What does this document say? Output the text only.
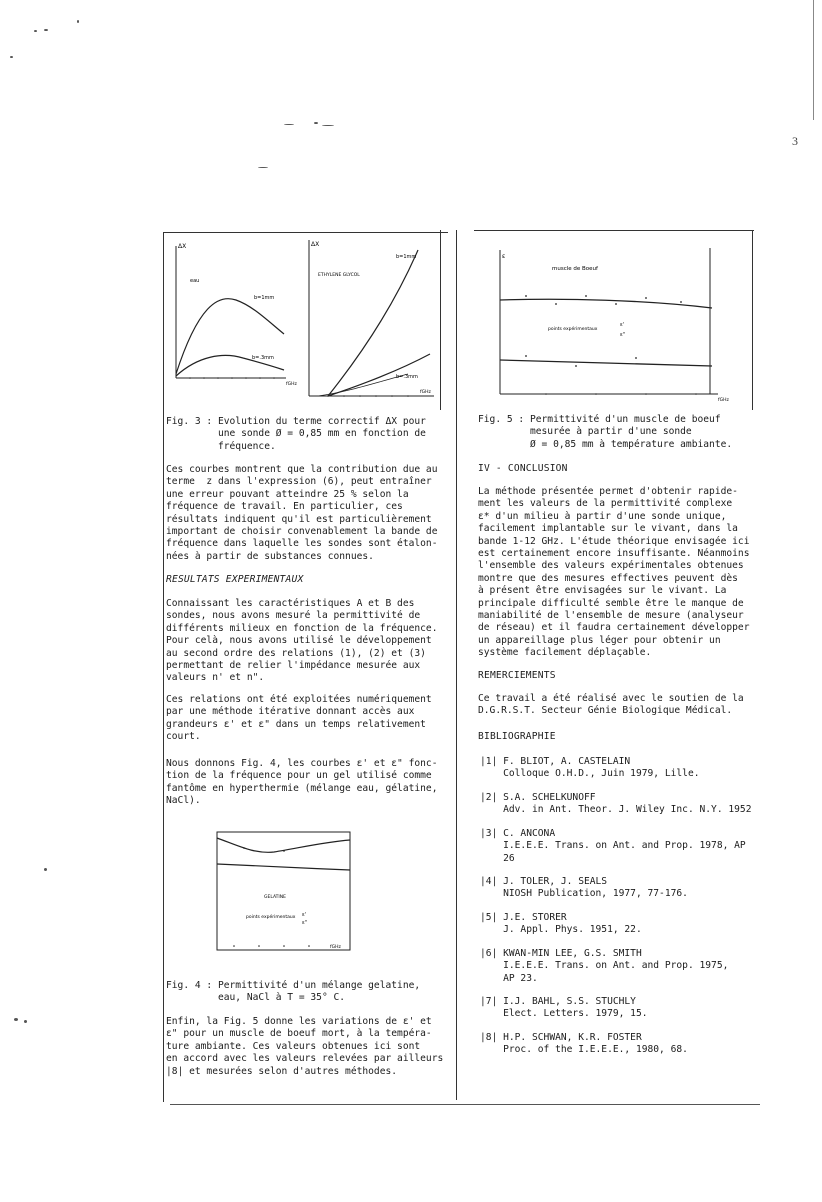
3
ΔX
eau
b=1mm
b=.3mm
fGHz
ΔX
ETHYLENE GLYCOL
b=1mm
b=.3mm
fGHz

Fig. 3 : Evolution du terme correctif ΔX pour

une sonde Ø = 0,85 mm en fonction de

fréquence.

Ces courbes montrent que la contribution due au

terme  z dans l'expression (6), peut entraîner

une erreur pouvant atteindre 25 % selon la

fréquence de travail. En particulier, ces

résultats indiquent qu'il est particulièrement

important de choisir convenablement la bande de

fréquence dans laquelle les sondes sont étalon-

nées à partir de substances connues.

RESULTATS EXPERIMENTAUX

Connaissant les caractéristiques A et B des

sondes, nous avons mesuré la permittivité de

différents milieux en fonction de la fréquence.

Pour celà, nous avons utilisé le développement

au second ordre des relations (1), (2) et (3)

permettant de relier l'impédance mesurée aux

valeurs n' et n".

Ces relations ont été exploitées numériquement

par une méthode itérative donnant accès aux

grandeurs ε' et ε" dans un temps relativement

court.

Nous donnons Fig. 4, les courbes ε' et ε" fonc-

tion de la fréquence pour un gel utilisé comme

fantôme en hyperthermie (mélange eau, gélatine,

NaCl).

GELATINE
points expérimentaux ε'
ε"
fGHz

Fig. 4 : Permittivité d'un mélange gelatine,

eau, NaCl à T = 35° C.

Enfin, la Fig. 5 donne les variations de ε' et

ε" pour un muscle de boeuf mort, à la tempéra-

ture ambiante. Ces valeurs obtenues ici sont

en accord avec les valeurs relevées par ailleurs

|8| et mesurées selon d'autres méthodes.

ε
muscle de Boeuf
points expérimentaux
ε'
ε"
fGHz

Fig. 5 : Permittivité d'un muscle de boeuf

mesurée à partir d'une sonde

Ø = 0,85 mm à température ambiante.

IV - CONCLUSION

La méthode présentée permet d'obtenir rapide-

ment les valeurs de la permittivité complexe

ε* d'un milieu à partir d'une sonde unique,

facilement implantable sur le vivant, dans la

bande 1-12 GHz. L'étude théorique envisagée ici

est certainement encore insuffisante. Néanmoins

l'ensemble des valeurs expérimentales obtenues

montre que des mesures effectives peuvent dès

à présent être envisagées sur le vivant. La

principale difficulté semble être le manque de

maniabilité de l'ensemble de mesure (analyseur

de réseau) et il faudra certainement développer

un appareillage plus léger pour obtenir un

système facilement déplaçable.

REMERCIEMENTS

Ce travail a été réalisé avec le soutien de la

D.G.R.S.T. Secteur Génie Biologique Médical.

BIBLIOGRAPHIE

|1| F. BLIOT, A. CASTELAIN

Colloque O.H.D., Juin 1979, Lille.

|2| S.A. SCHELKUNOFF

Adv. in Ant. Theor. J. Wiley Inc. N.Y. 1952

|3| C. ANCONA

I.E.E.E. Trans. on Ant. and Prop. 1978, AP

26

|4| J. TOLER, J. SEALS

NIOSH Publication, 1977, 77-176.

|5| J.E. STORER

J. Appl. Phys. 1951, 22.

|6| KWAN-MIN LEE, G.S. SMITH

I.E.E.E. Trans. on Ant. and Prop. 1975,

AP 23.

|7| I.J. BAHL, S.S. STUCHLY

Elect. Letters. 1979, 15.

|8| H.P. SCHWAN, K.R. FOSTER

Proc. of the I.E.E.E., 1980, 68.
